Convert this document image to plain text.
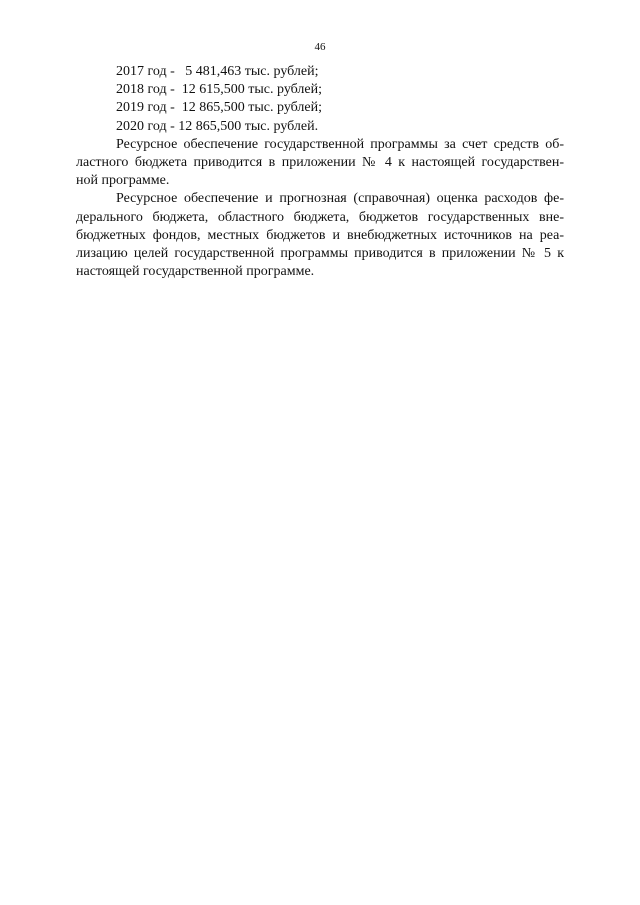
46
2017 год -   5 481,463 тыс. рублей;
2018 год -  12 615,500 тыс. рублей;
2019 год -  12 865,500 тыс. рублей;
2020 год - 12 865,500 тыс. рублей.

Ресурсное обеспечение государственной программы за счет средств об-
ластного бюджета приводится в приложении № 4 к настоящей государствен-
ной программе.

Ресурсное обеспечение и прогнозная (справочная) оценка расходов фе-
дерального бюджета, областного бюджета, бюджетов государственных вне-
бюджетных фондов, местных бюджетов и внебюджетных источников на реа-
лизацию целей государственной программы приводится в приложении № 5 к
настоящей государственной программе.
